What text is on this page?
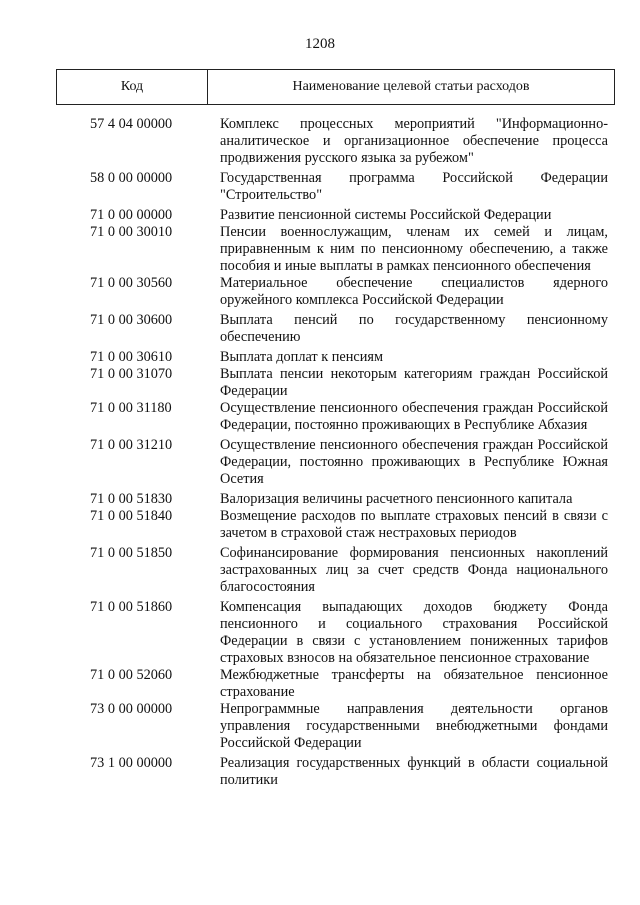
1208
Код	Наименование целевой статьи расходов
57 4 04 00000	Комплекс процессных мероприятий "Информационно-аналитическое и организационное обеспечение процесса продвижения русского языка за рубежом"
58 0 00 00000	Государственная программа Российской Федерации "Строительство"
71 0 00 00000	Развитие пенсионной системы Российской Федерации
71 0 00 30010	Пенсии военнослужащим, членам их семей и лицам, приравненным к ним по пенсионному обеспечению, а также пособия и иные выплаты в рамках пенсионного обеспечения
71 0 00 30560	Материальное обеспечение специалистов ядерного оружейного комплекса Российской Федерации
71 0 00 30600	Выплата пенсий по государственному пенсионному обеспечению
71 0 00 30610	Выплата доплат к пенсиям
71 0 00 31070	Выплата пенсии некоторым категориям граждан Российской Федерации
71 0 00 31180	Осуществление пенсионного обеспечения граждан Российской Федерации, постоянно проживающих в Республике Абхазия
71 0 00 31210	Осуществление пенсионного обеспечения граждан Российской Федерации, постоянно проживающих в Республике Южная Осетия
71 0 00 51830	Валоризация величины расчетного пенсионного капитала
71 0 00 51840	Возмещение расходов по выплате страховых пенсий в связи с зачетом в страховой стаж нестраховых периодов
71 0 00 51850	Софинансирование формирования пенсионных накоплений застрахованных лиц за счет средств Фонда национального благосостояния
71 0 00 51860	Компенсация выпадающих доходов бюджету Фонда пенсионного и социального страхования Российской Федерации в связи с установлением пониженных тарифов страховых взносов на обязательное пенсионное страхование
71 0 00 52060	Межбюджетные трансферты на обязательное пенсионное страхование
73 0 00 00000	Непрограммные направления деятельности органов управления государственными внебюджетными фондами Российской Федерации
73 1 00 00000	Реализация государственных функций в области социальной политики
